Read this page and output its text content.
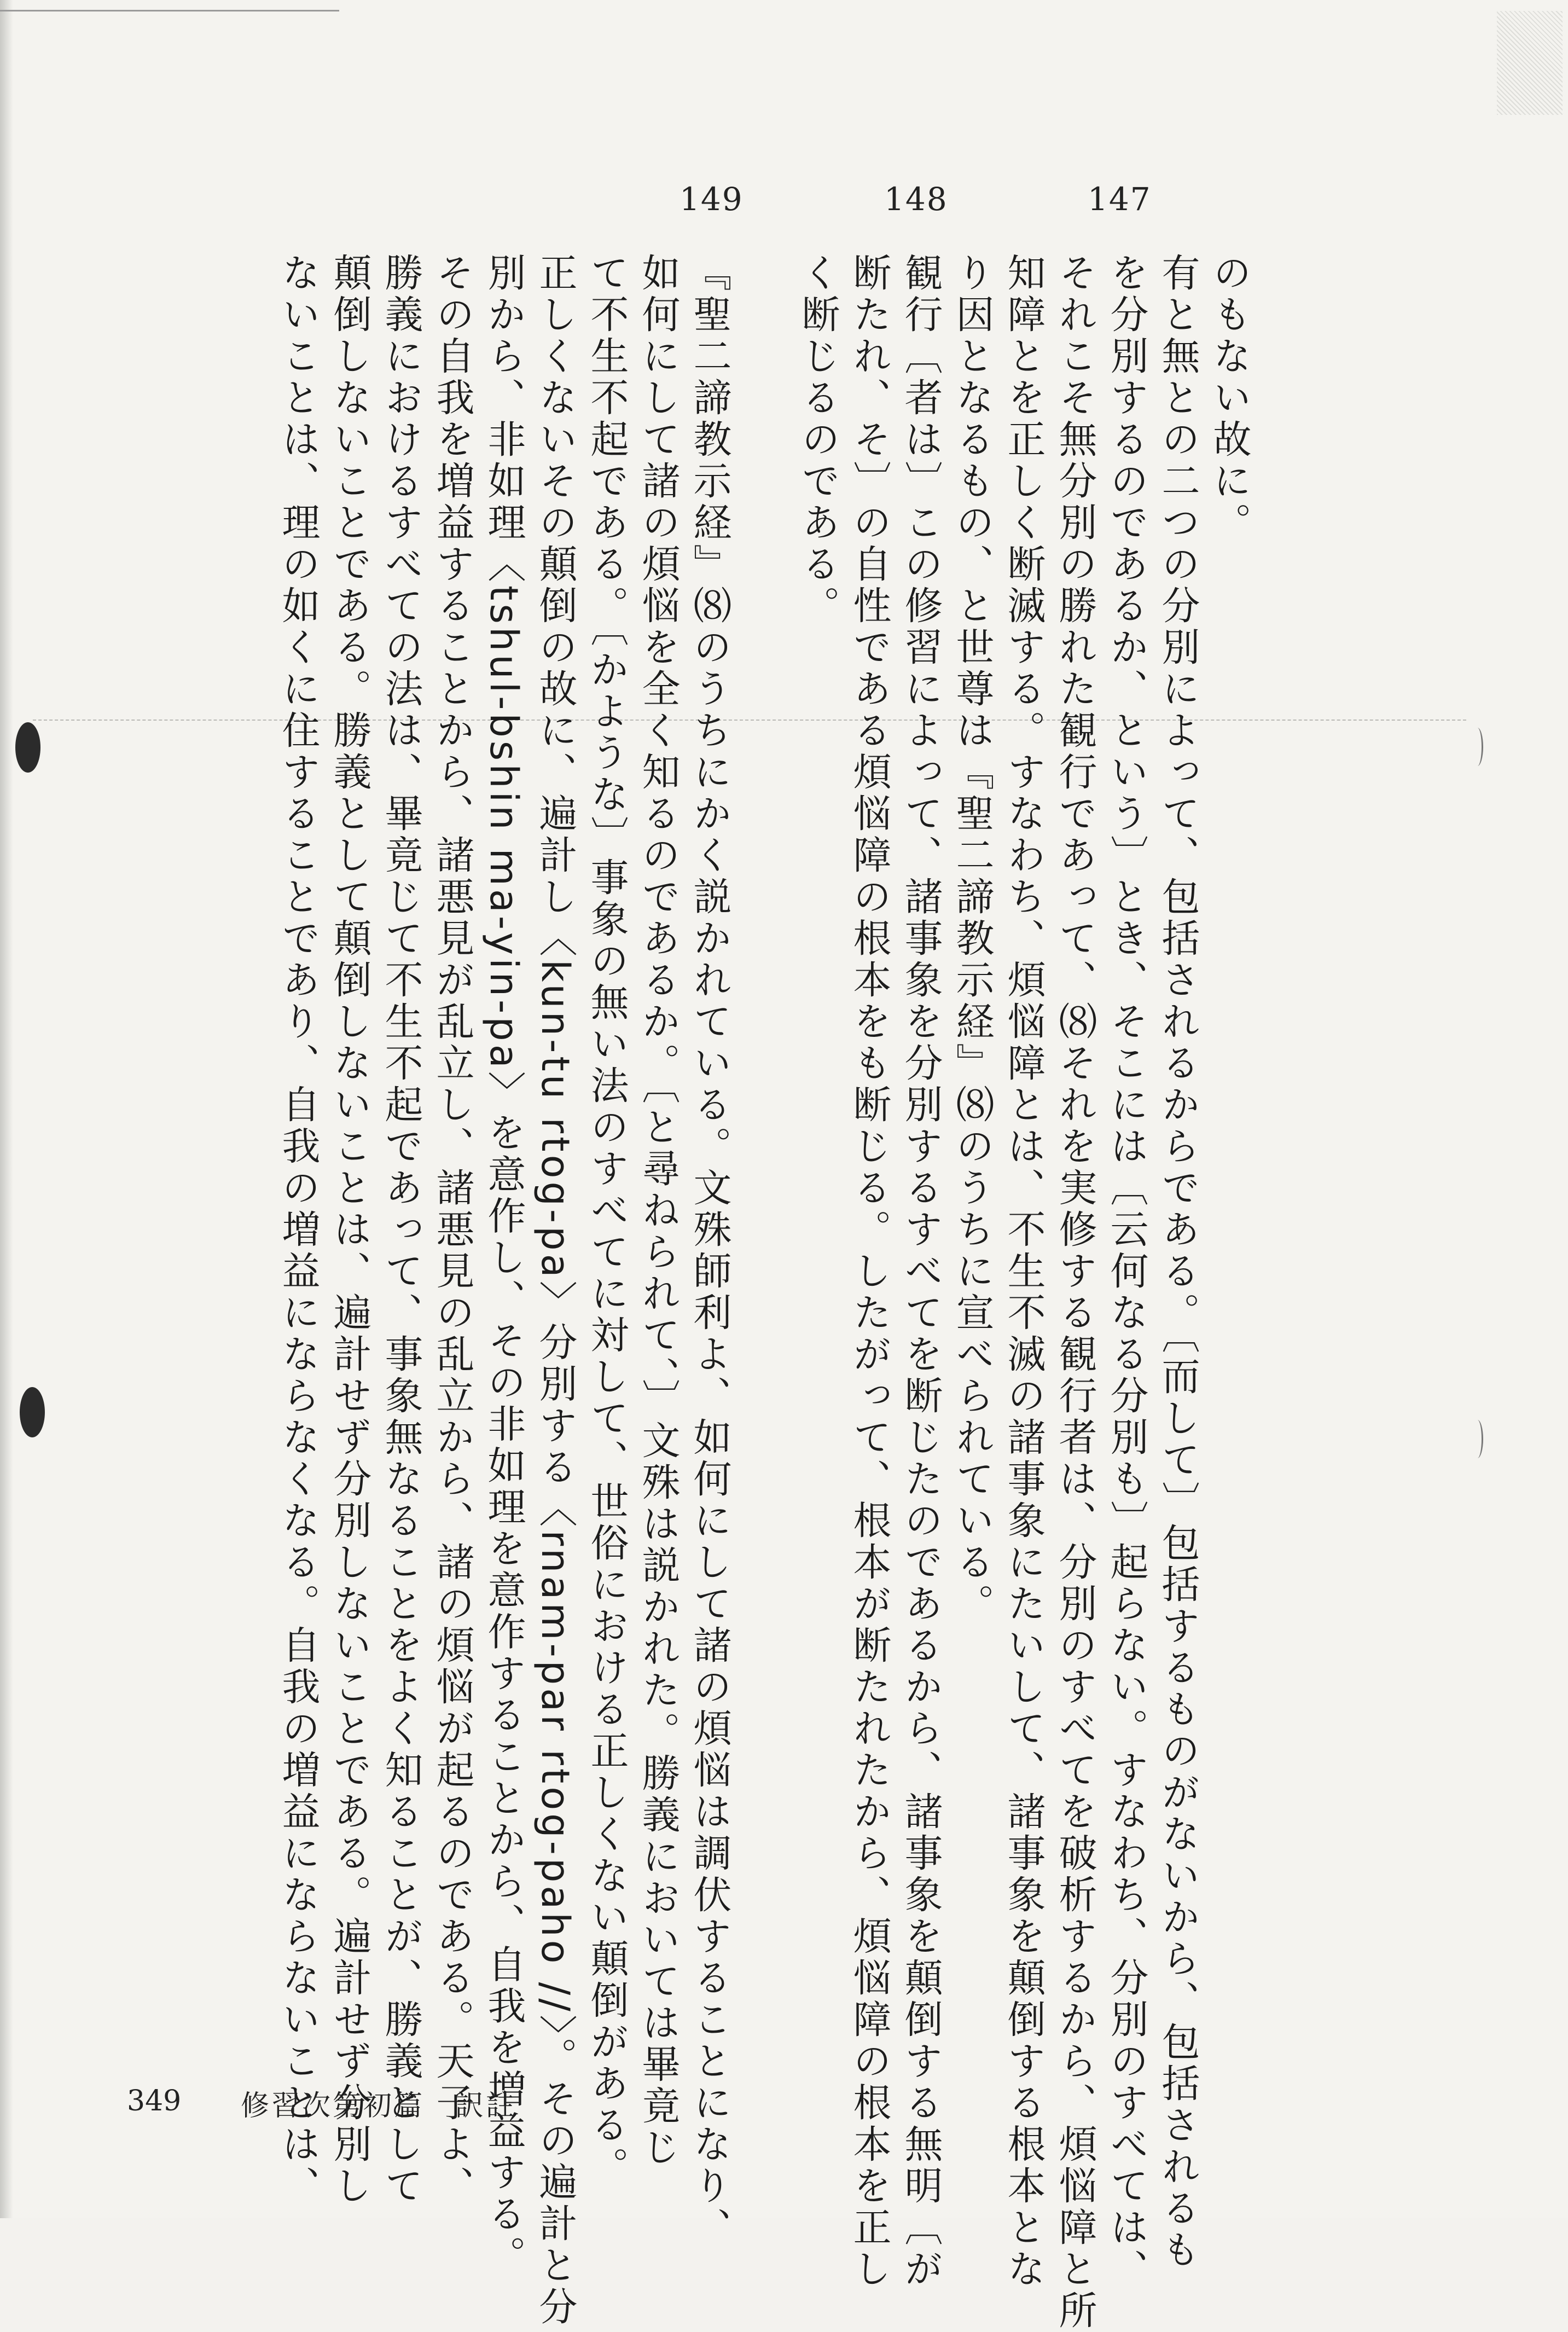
147
148
149
のもない故に。
有と無との二つの分別によって、包括されるからである。〔而して〕包括するものがないから、包括されるも
を分別するのであるか、という〕とき、そこには〔云何なる分別も〕起らない。すなわち、分別のすべては、
それこそ無分別の勝れた観行であって、⑻それを実修する観行者は、分別のすべてを破析するから、煩悩障と所
知障とを正しく断滅する。すなわち、煩悩障とは、不生不滅の諸事象にたいして、諸事象を顛倒する根本とな
り因となるもの、と世尊は『聖二諦教示経』⑻のうちに宣べられている。
観行〔者は〕この修習によって、諸事象を分別するすべてを断じたのであるから、諸事象を顛倒する無明〔が
断たれ、そ〕の自性である煩悩障の根本をも断じる。したがって、根本が断たれたから、煩悩障の根本を正し
く断じるのである。
『聖二諦教示経』⑻のうちにかく説かれている。文殊師利よ、如何にして諸の煩悩は調伏することになり、
如何にして諸の煩悩を全く知るのであるか。〔と尋ねられて、〕文殊は説かれた。勝義においては畢竟じ
て不生不起である。〔かような〕事象の無い法のすべてに対して、世俗における正しくない顛倒がある。
正しくないその顛倒の故に、遍計し〈kun-tu rtog-pa〉分別する〈rnam-par rtog-paho //〉。その遍計と分
別から、非如理〈tshul-bshin ma-yin-pa〉を意作し、その非如理を意作することから、自我を増益する。
その自我を増益することから、諸悪見が乱立し、諸悪見の乱立から、諸の煩悩が起るのである。天子よ、
勝義におけるすべての法は、畢竟じて不生不起であって、事象無なることをよく知ることが、勝義として
顛倒しないことである。勝義として顛倒しないことは、遍計せず分別しないことである。遍計せず分別し
ないことは、理の如くに住することであり、自我の増益にならなくなる。自我の増益にならないことは、
349 修習次第初篇　訳註
